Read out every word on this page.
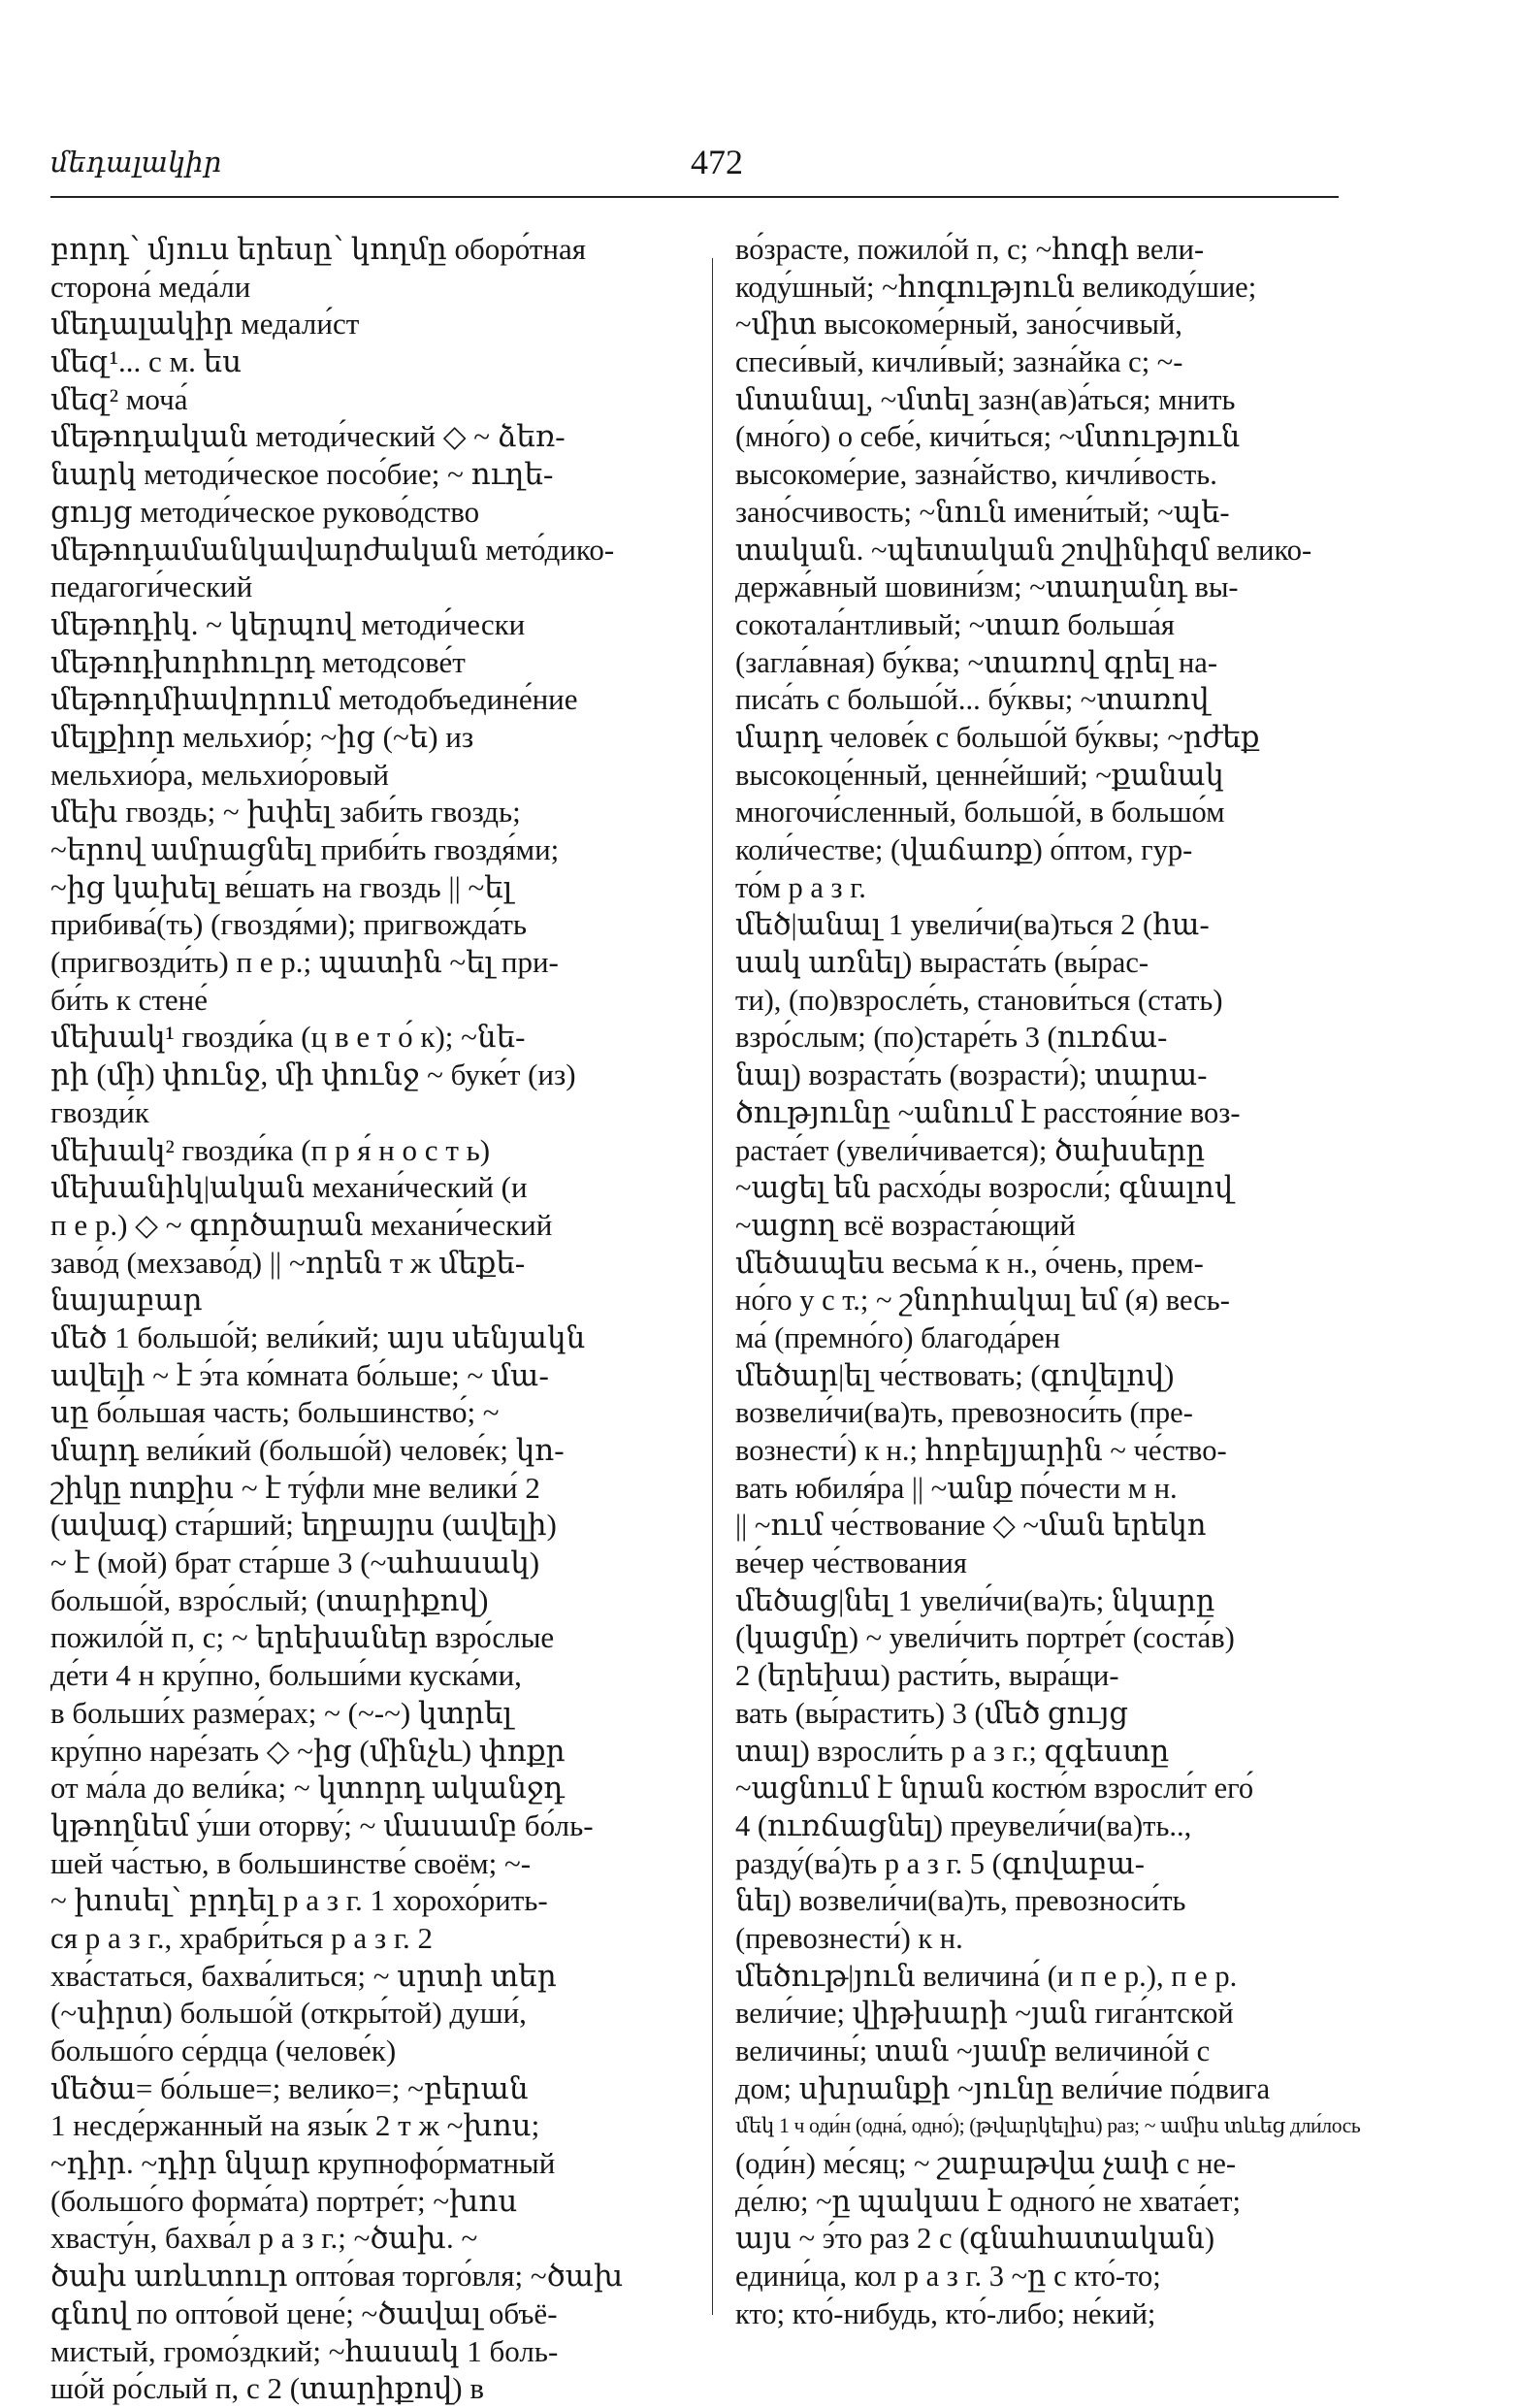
մեդալակիր	472
բորդ՝ մյուս երեսը՝ կողմը оборо́тная
сторона́ меда́ли
մեդալակիր медали́ст
մեզ¹... с м. ես
մեզ² моча́
մեթոդական методи́ческий ◇ ~ ձեռ-
նարկ методи́ческое посо́бие; ~ ուղե-
ցույց методи́ческое руково́дство
մեթոդամանկավարժական мето́дико-
педагоги́ческий
մեթոդիկ. ~ կերպով методи́чески
մեթոդխորհուրդ методсове́т
մեթոդմիավորում методобъедине́ние
մելքիոր мельхио́р; ~ից (~ե) из
мельхио́ра, мельхио́ровый
մեխ гвоздь; ~ խփել заби́ть гвоздь;
~երով ամրացնել приби́ть гвоздя́ми;
~ից կախել ве́шать на гвоздь || ~ել
прибива́(ть) (гвоздя́ми); пригвожда́ть
(пригвозди́ть) п е р.; պատին ~ել при-
би́ть к стене́
մեխակ¹ гвозди́ка (ц в е т о́ к); ~նե-
րի (մի) փունջ, մի փունջ ~ буке́т (из)
гвозди́к
մեխակ² гвозди́ка (п р я́ н о с т ь)
մեխանիկ|ական механи́ческий (и
п е р.) ◇ ~ գործարան механи́ческий
заво́д (мехзаво́д) || ~որեն т ж մեքե-
նայաբար
մեծ 1 большо́й; вели́кий; այս սենյակն
ավելի ~ է э́та ко́мната бо́льше; ~ մա-
սը бо́льшая часть; большинство́; ~
մարդ вели́кий (большо́й) челове́к; կո-
շիկը ոտքիս ~ է ту́фли мне велики́ 2
(ավագ) ста́рший; եղբայրս (ավելի)
~ է (мой) брат ста́рше 3 (~ահասակ)
большо́й, взро́слый; (տարիքով)
пожило́й п, с; ~ երեխաներ взро́слые
де́ти 4 н кру́пно, больши́ми куска́ми,
в больши́х разме́рах; ~ (~-~) կտրել
кру́пно наре́зать ◇ ~ից (մինչև) փոքր
от ма́ла до вели́ка; ~ կտորդ ականջդ
կթողնեմ у́ши оторву́; ~ մասամբ бо́ль-
шей ча́стью, в большинстве́ своём; ~-
~ խոսել՝ բրդել р а з г. 1 хорохо́рить-
ся р а з г., храбри́ться р а з г. 2
хва́статься, бахва́литься; ~ սրտի տեր
(~սիրտ) большо́й (откры́той) души́,
большо́го се́рдца (челове́к)
մեծա= бо́льше=; велико=; ~բերան
1 несде́ржанный на язы́к 2 т ж ~խոս;
~դիր. ~դիր նկար крупнофо́рматный
(большо́го форма́та) портре́т; ~խոս
хвасту́н, бахва́л р а з г.; ~ծախ. ~
ծախ առևտուր опто́вая торго́вля; ~ծախ
գնով по опто́вой цене́; ~ծավալ объё-
мистый, громо́здкий; ~հասակ 1 боль-
шо́й ро́слый п, с 2 (տարիքով) в
во́зрасте, пожило́й п, с; ~հոգի вели-
коду́шный; ~հոգություն великоду́шие;
~միտ высокоме́рный, зано́счивый,
спеси́вый, кичли́вый; зазна́йка с; ~-
մտանալ, ~մտել зазн(ав)а́ться; мнить
(мно́го) о себе́, кичи́ться; ~մտություն
высокоме́рие, зазна́йство, кичли́вость.
зано́счивость; ~նուն имени́тый; ~պե-
տական. ~պետական շովինիզմ велико-
держа́вный шовини́зм; ~տաղանդ вы-
сокотала́нтливый; ~տառ больша́я
(загла́вная) бу́ква; ~տառով գրել на-
писа́ть с большо́й... бу́квы; ~տառով
մարդ челове́к с большо́й бу́квы; ~րժեք
высокоце́нный, ценне́йший; ~քանակ
многочи́сленный, большо́й, в большо́м
коли́честве; (վաճառք) о́птом, гур-
то́м р а з г.
մեծ|անալ 1 увели́чи(ва)ться 2 (հա-
սակ առնել) выраста́ть (вы́рас-
ти), (по)взросле́ть, станови́ться (стать)
взро́слым; (по)старе́ть 3 (ուռճա-
նալ) возраста́ть (возрасти́); տարա-
ծությունը ~անում է расстоя́ние воз-
раста́ет (увели́чивается); ծախսերը
~ացել են расхо́ды возросли́; գնալով
~ացող всё возраста́ющий
մեծապես весьма́ к н., о́чень, прем-
но́го у с т.; ~ շնորհակալ եմ (я) весь-
ма́ (премно́го) благода́рен
մեծար|ել че́ствовать; (գովելով)
возвели́чи(ва)ть, превозноси́ть (пре-
вознести́) к н.; հոբելյարին ~ че́ство-
вать юбиля́ра || ~անք по́чести м н.
|| ~ում че́ствование ◇ ~ման երեկո
ве́чер че́ствования
մեծաց|նել 1 увели́чи(ва)ть; նկարը
(կացմը) ~ увели́чить портре́т (соста́в)
2 (երեխա) расти́ть, выра́щи-
вать (вы́растить) 3 (մեծ ցույց
տալ) взросли́ть р а з г.; զգեստը
~ացնում է նրան костю́м взросли́т его́
4 (ուռճացնել) преувели́чи(ва)ть..,
разду́(ва́)ть р а з г. 5 (գովաբա-
նել) возвели́чи(ва)ть, превозноси́ть
(превознести́) к н.
մեծութ|յուն величина́ (и п е р.), п е р.
вели́чие; վիթխարի ~յան гига́нтской
величины́; տան ~յամբ величино́й с
дом; սխրանքի ~յունը вели́чие по́двига
մեկ 1 ч оди́н (одна́, одно́); (թվարկելիս) раз; ~ ամիս տևեց дли́лось
(оди́н) ме́сяц; ~ շաբաթվա չափ с не-
де́лю; ~ը պակաս է одного́ не хвата́ет;
այս ~ э́то раз 2 с (գնահատական)
едини́ца, кол р а з г. 3 ~ը с кто́-то;
кто; кто́-нибудь, кто́-либо; не́кий;
